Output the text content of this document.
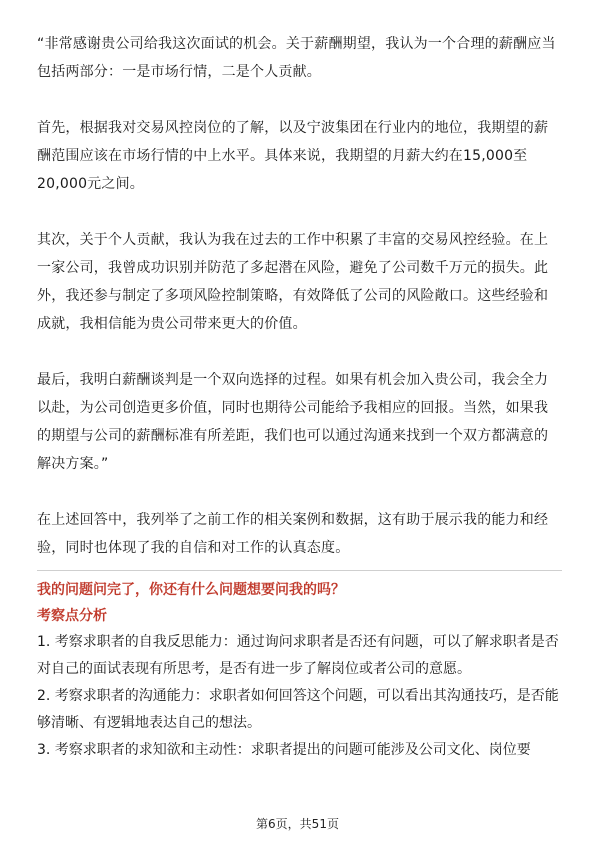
“非常感谢贵公司给我这次面试的机会。关于薪酬期望，我认为一个合理的薪酬应当包括两部分：一是市场行情，二是个人贡献。

首先，根据我对交易风控岗位的了解，以及宁波集团在行业内的地位，我期望的薪酬范围应该在市场行情的中上水平。具体来说，我期望的月薪大约在15,000至20,000元之间。

其次，关于个人贡献，我认为我在过去的工作中积累了丰富的交易风控经验。在上一家公司，我曾成功识别并防范了多起潜在风险，避免了公司数千万元的损失。此外，我还参与制定了多项风险控制策略，有效降低了公司的风险敞口。这些经验和成就，我相信能为贵公司带来更大的价值。

最后，我明白薪酬谈判是一个双向选择的过程。如果有机会加入贵公司，我会全力以赴，为公司创造更多价值，同时也期待公司能给予我相应的回报。当然，如果我的期望与公司的薪酬标准有所差距，我们也可以通过沟通来找到一个双方都满意的解决方案。”

在上述回答中，我列举了之前工作的相关案例和数据，这有助于展示我的能力和经验，同时也体现了我的自信和对工作的认真态度。

我的问题问完了，你还有什么问题想要问我的吗？

考察点分析

1. 考察求职者的自我反思能力：通过询问求职者是否还有问题，可以了解求职者是否对自己的面试表现有所思考，是否有进一步了解岗位或者公司的意愿。

2. 考察求职者的沟通能力：求职者如何回答这个问题，可以看出其沟通技巧，是否能够清晰、有逻辑地表达自己的想法。

3. 考察求职者的求知欲和主动性：求职者提出的问题可能涉及公司文化、岗位要

第6页，共51页
